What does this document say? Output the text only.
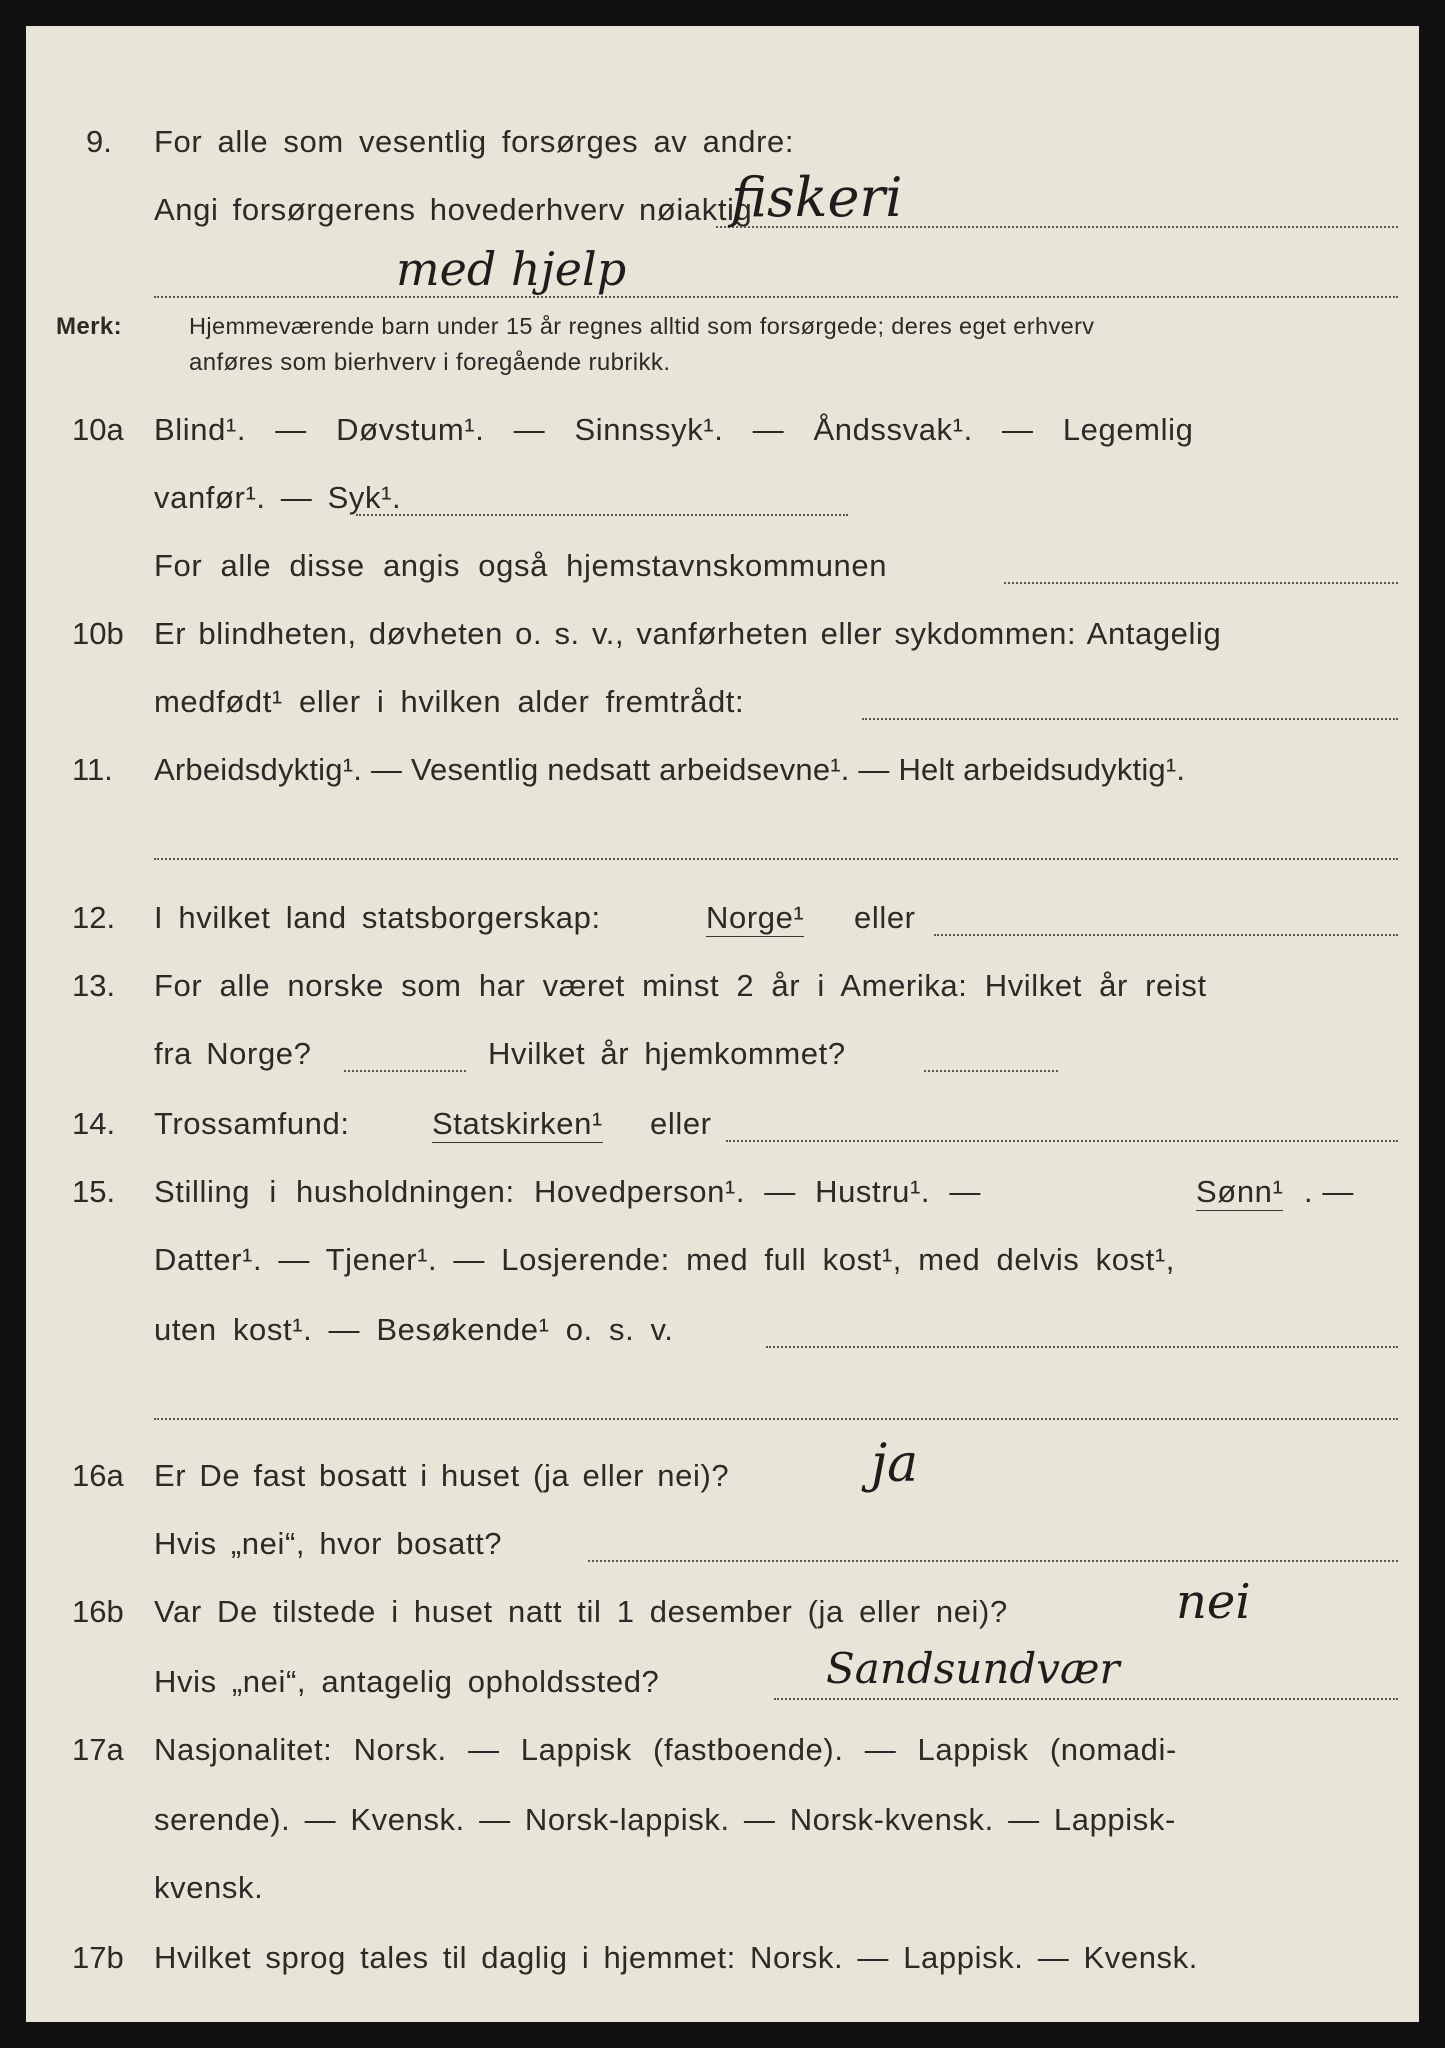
9. For alle som vesentlig forsørges av andre:
Angi forsørgerens hovederhverv nøiaktig
fiskeri
med hjelp
Merk:	Hjemmeværende barn under 15 år regnes alltid som forsørgede; deres eget erhverv
anføres som bierhverv i foregående rubrikk.
10a Blind¹. — Døvstum¹. — Sinnssyk¹. — Åndssvak¹. — Legemlig
vanfør¹. — Syk¹.
For alle disse angis også hjemstavnskommunen
10b Er blindheten, døvheten o. s. v., vanførheten eller sykdommen: Antagelig
medfødt¹ eller i hvilken alder fremtrådt:
11. Arbeidsdyktig¹. — Vesentlig nedsatt arbeidsevne¹. — Helt arbeidsudyktig¹.
12. I hvilket land statsborgerskap:	Norge¹ eller
13. For alle norske som har været minst 2 år i Amerika: Hvilket år reist
fra Norge?	Hvilket år hjemkommet?
14. Trossamfund:	Statskirken¹ eller
15. Stilling i husholdningen: Hovedperson¹. — Hustru¹. —	Sønn¹ . —
Datter¹. — Tjener¹. — Losjerende: med full kost¹, med delvis kost¹,
uten kost¹. — Besøkende¹ o. s. v.
16a Er De fast bosatt i huset (ja eller nei)?	ja
Hvis „nei“, hvor bosatt?
16b Var De tilstede i huset natt til 1 desember (ja eller nei)?	nei
Hvis „nei“, antagelig opholdssted?	Sandsundvær
17a Nasjonalitet: Norsk. — Lappisk (fastboende). — Lappisk (nomadi-
serende). — Kvensk. — Norsk-lappisk. — Norsk-kvensk. — Lappisk-
kvensk.
17b Hvilket sprog tales til daglig i hjemmet: Norsk. — Lappisk. — Kvensk.
